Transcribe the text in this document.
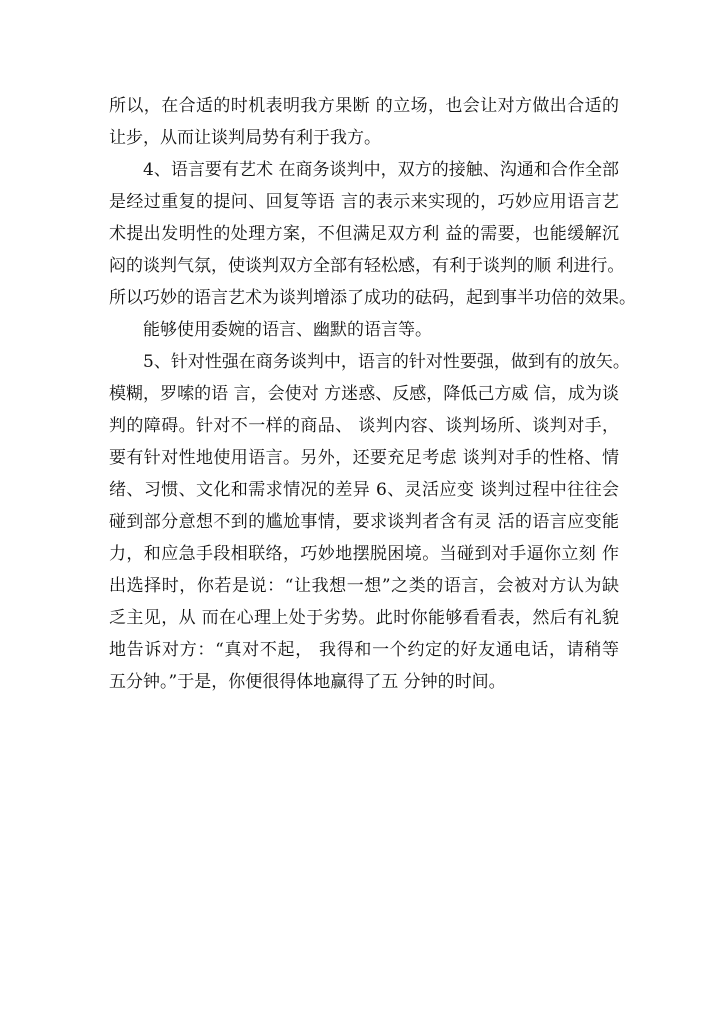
所以，在合适的时机表明我方果断 的立场，也会让对方做出合适的
让步，从而让谈判局势有利于我方。
4、语言要有艺术 在商务谈判中，双方的接触、沟通和合作全部
是经过重复的提问、回复等语 言的表示来实现的，巧妙应用语言艺
术提出发明性的处理方案，不但满足双方利 益的需要，也能缓解沉
闷的谈判气氛，使谈判双方全部有轻松感，有利于谈判的顺 利进行。
所以巧妙的语言艺术为谈判增添了成功的砝码，起到事半功倍的效果。
能够使用委婉的语言、幽默的语言等。
5、针对性强在商务谈判中，语言的针对性要强，做到有的放矢。
模糊，罗嗦的语 言，会使对 方迷惑、反感，降低己方威 信，成为谈
判的障碍。针对不一样的商品、 谈判内容、谈判场所、谈判对手，
要有针对性地使用语言。另外，还要充足考虑 谈判对手的性格、情
绪、习惯、文化和需求情况的差异 6、灵活应变 谈判过程中往往会
碰到部分意想不到的尴尬事情，要求谈判者含有灵 活的语言应变能
力，和应急手段相联络，巧妙地摆脱困境。当碰到对手逼你立刻 作
出选择时，你若是说：“让我想一想”之类的语言，会被对方认为缺
乏主见，从 而在心理上处于劣势。此时你能够看看表，然后有礼貌
地告诉对方：“真对不起， 我得和一个约定的好友通电话，请稍等
五分钟。”于是，你便很得体地赢得了五 分钟的时间。
